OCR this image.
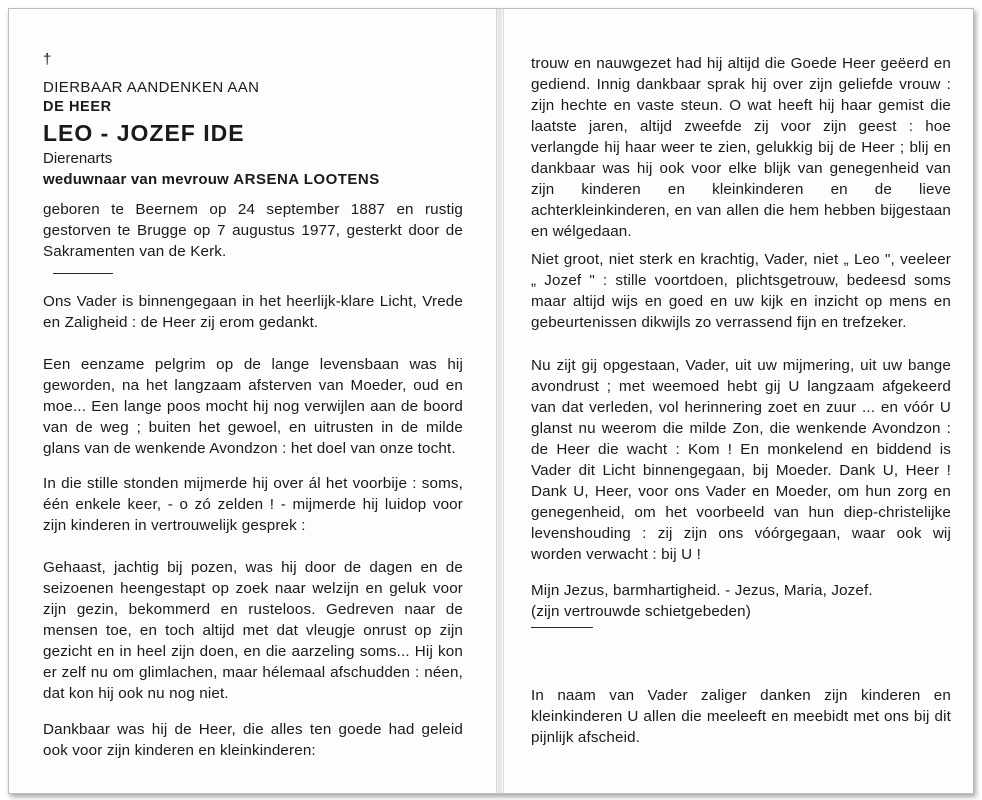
†
DIERBAAR AANDENKEN AAN
DE HEER
LEO - JOZEF IDE
Dierenarts
weduwnaar van mevrouw ARSENA LOOTENS

geboren te Beernem op 24 september 1887 en rustig gestorven te Brugge op 7 augustus 1977, gesterkt door de Sakramenten van de Kerk.

Ons Vader is binnengegaan in het heerlijk-klare Licht, Vrede en Zaligheid : de Heer zij erom gedankt.

Een eenzame pelgrim op de lange levensbaan was hij geworden, na het langzaam afsterven van Moeder, oud en moe... Een lange poos mocht hij nog verwijlen aan de boord van de weg ; buiten het gewoel, en uitrusten in de milde glans van de wenkende Avondzon : het doel van onze tocht.

In die stille stonden mijmerde hij over ál het voorbije : soms, één enkele keer, - o zó zelden ! - mijmerde hij luidop voor zijn kinderen in vertrouwelijk gesprek :

Gehaast, jachtig bij pozen, was hij door de dagen en de seizoenen heengestapt op zoek naar welzijn en geluk voor zijn gezin, bekommerd en rusteloos. Gedreven naar de mensen toe, en toch altijd met dat vleugje onrust op zijn gezicht en in heel zijn doen, en die aarzeling soms... Hij kon er zelf nu om glimlachen, maar hélemaal afschudden : néen, dat kon hij ook nu nog niet.

Dankbaar was hij de Heer, die alles ten goede had geleid ook voor zijn kinderen en kleinkinderen:

trouw en nauwgezet had hij altijd die Goede Heer geëerd en gediend. Innig dankbaar sprak hij over zijn geliefde vrouw : zijn hechte en vaste steun. O wat heeft hij haar gemist die laatste jaren, altijd zweefde zij voor zijn geest : hoe verlangde hij haar weer te zien, gelukkig bij de Heer ; blij en dankbaar was hij ook voor elke blijk van genegenheid van zijn kinderen en kleinkinderen en de lieve achterkleinkinderen, en van allen die hem hebben bijgestaan en wélgedaan.

Niet groot, niet sterk en krachtig, Vader, niet „ Leo ", veeleer „ Jozef " : stille voortdoen, plichtsgetrouw, bedeesd soms maar altijd wijs en goed en uw kijk en inzicht op mens en gebeurtenissen dikwijls zo verrassend fijn en trefzeker.

Nu zijt gij opgestaan, Vader, uit uw mijmering, uit uw bange avondrust ; met weemoed hebt gij U langzaam afgekeerd van dat verleden, vol herinnering zoet en zuur ... en vóór U glanst nu weerom die milde Zon, die wenkende Avondzon : de Heer die wacht : Kom ! En monkelend en biddend is Vader dit Licht binnengegaan, bij Moeder. Dank U, Heer ! Dank U, Heer, voor ons Vader en Moeder, om hun zorg en genegenheid, om het voorbeeld van hun diep-christelijke levenshouding : zij zijn ons vóórgegaan, waar ook wij worden verwacht : bij U !

Mijn Jezus, barmhartigheid. - Jezus, Maria, Jozef.

(zijn vertrouwde schietgebeden)

In naam van Vader zaliger danken zijn kinderen en kleinkinderen U allen die meeleeft en meebidt met ons bij dit pijnlijk afscheid.
